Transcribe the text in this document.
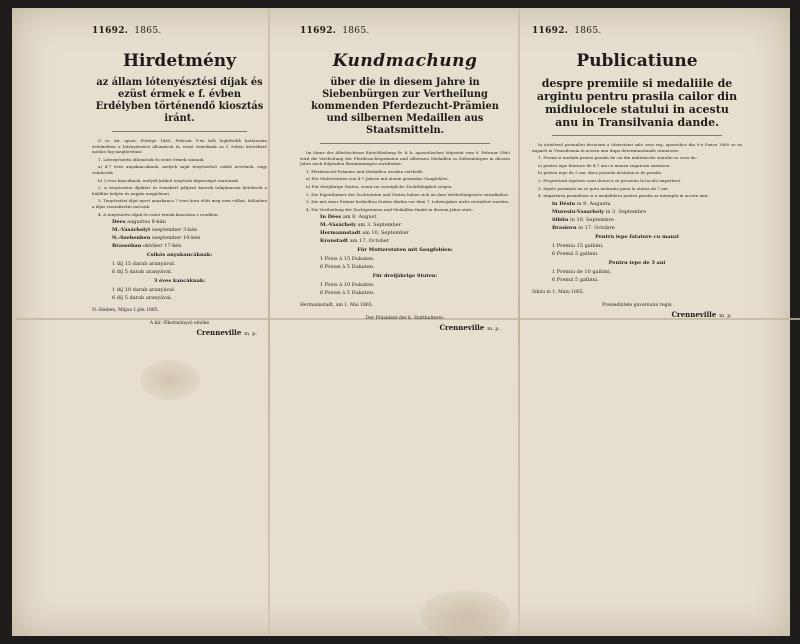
11692. 1865.
Hirdetmény
az állam lótenyésztési díjak és ezüst érmek e f. évben Erdélyben történendő kiosztás iránt.

O cs. kir. apost. Felsége 1860. Február 9-én kelt legfelsőbb határozata értelmében a lótenyésztési állomások és ezüst érmeknek az f. évben következő módon fog megtörténni:

1. Lótenyésztési állomások és ezüst érmek számok.

a) 4-7 éves anyakancáknak, melyek saját tenyésztésű csikót nevelnek, vagy vemhesek.

b) 3 éves kancáknak, melyek kitűnő tenyészti képességet mutatnak.

2. A tenyésztési díjakért és érmekért pályázó kancák tulajdonosai kötelesek a kiállítás helyén és napján megjelenni.

3. Tenyésztési díjat nyert anyakanca 7 éves kora előtt meg nem válhat, különben a díjat visszafizetni tartozik.

4. A tenyésztési díjak és ezüst érmek kiosztása e rendben:

Dées augustus 8-kán
M.-Vásárhelyt szeptember 3-kán
N.-Szebenben szeptember 10-kén
Brassóban október 17-kén
Csikós anyakancáknak:
1 díj 15 darab aranyával.
6 díj 5 darab aranyával.
3 éves kancáknak:
1 díj 10 darab aranyával.
6 díj 5 darab aranyával.
N.-Szeben, Május 1-jén 1865.
A kir. főkormányzó elnöke
Crenneville m. p.
11692. 1865.
Kundmachung
über die in diesem Jahre in Siebenbürgen zur Vertheilung kommenden Pferdezucht-Prämien und silbernen Medaillen aus Staatsmitteln.

Im Sinne der Allerhöchsten Entschließung Sr. k. k. apostolischen Majestät vom 9. Februar 1860 wird die Vertheilung der Pferdezuchtsprämien und silbernen Medaillen in Siebenbürgen in diesem Jahre nach folgenden Bestimmungen stattfinden:

1. Pferdezucht-Prämien und Medaillen werden vertheilt:

a) Für Mutterstuten von 4-7 Jahren mit einem gesunden Saugfohlen.

b) Für dreijährige Stuten, wenn sie vorzügliche Zuchtfähigkeit zeigen.

2. Die Eigenthümer der Zuchtstuten und Stuten haben sich an dem Vertheilungsorte einzufinden.

3. Die mit einer Prämie betheilten Stuten dürfen vor dem 7. Lebensjahre nicht veräußert werden.

4. Die Vertheilung der Zuchtprämien und Medaillen findet in diesem Jahre statt:

In Dées am 8. August
M.-Vásárhely am 3. September
Hermannstadt am 10. September
Kronstadt am 17. October
Für Mutterstuten mit Saugfohlen:
1 Preis à 15 Dukaten.
6 Preise à 5 Dukaten.
Für dreijährige Stuten:
1 Preis à 10 Dukaten.
6 Preise à 5 Dukaten.
Hermannstadt, am 1. Mai 1865.
Der Präsident der k. Statthalterei:
Crenneville m. p.
11692. 1865.
Publicatiune
despre premiile si medaliile de argintu pentru prasila cailor din midiulocele statului in acestu anu in Transilvania dande.

In intielesul preinaltei decisiuni a Maiestatei sale cesa reg. apostolice din 9-a Fauru 1860 se va impartí in Transilvania in acestu anu dupa determinatiunile urmatorie:

1. Premii si medalii pentru prasila de cai din midiulocele statului se voru da:

a) pentru iepe fatatore de 4-7 ani cu manzu sugatoriu sanetosu.

b) pentru iepe de 3 ani, daca posiedu destoinicie de prasila.

2. Proprietarii iepeloru sunt detori a se presenta la loculu impartirei.

3. Iepele premiate nu se potu instraina pana la etatea de 7 ani.

4. Impartirea premiiloru si a medaliiloru pentru prasila se intempla in acestu anu:

in Désiu in 8. Augustu
Muresiu-Vasarhely in 3. Septembre
Sibiiu in 10. Septembre
Brasiovu in 17. Octobre
Pentru iepe fatatore cu manzi
1 Premiu 15 galbini,
6 Premii 5 galbini.
Pentru iepe de 3 ani
1 Premiu de 10 galbini,
6 Premii 5 galbini.
Sibiiu in 1. Maiu 1865.
Presiedintele guvernului regiu
Crenneville m. p.
